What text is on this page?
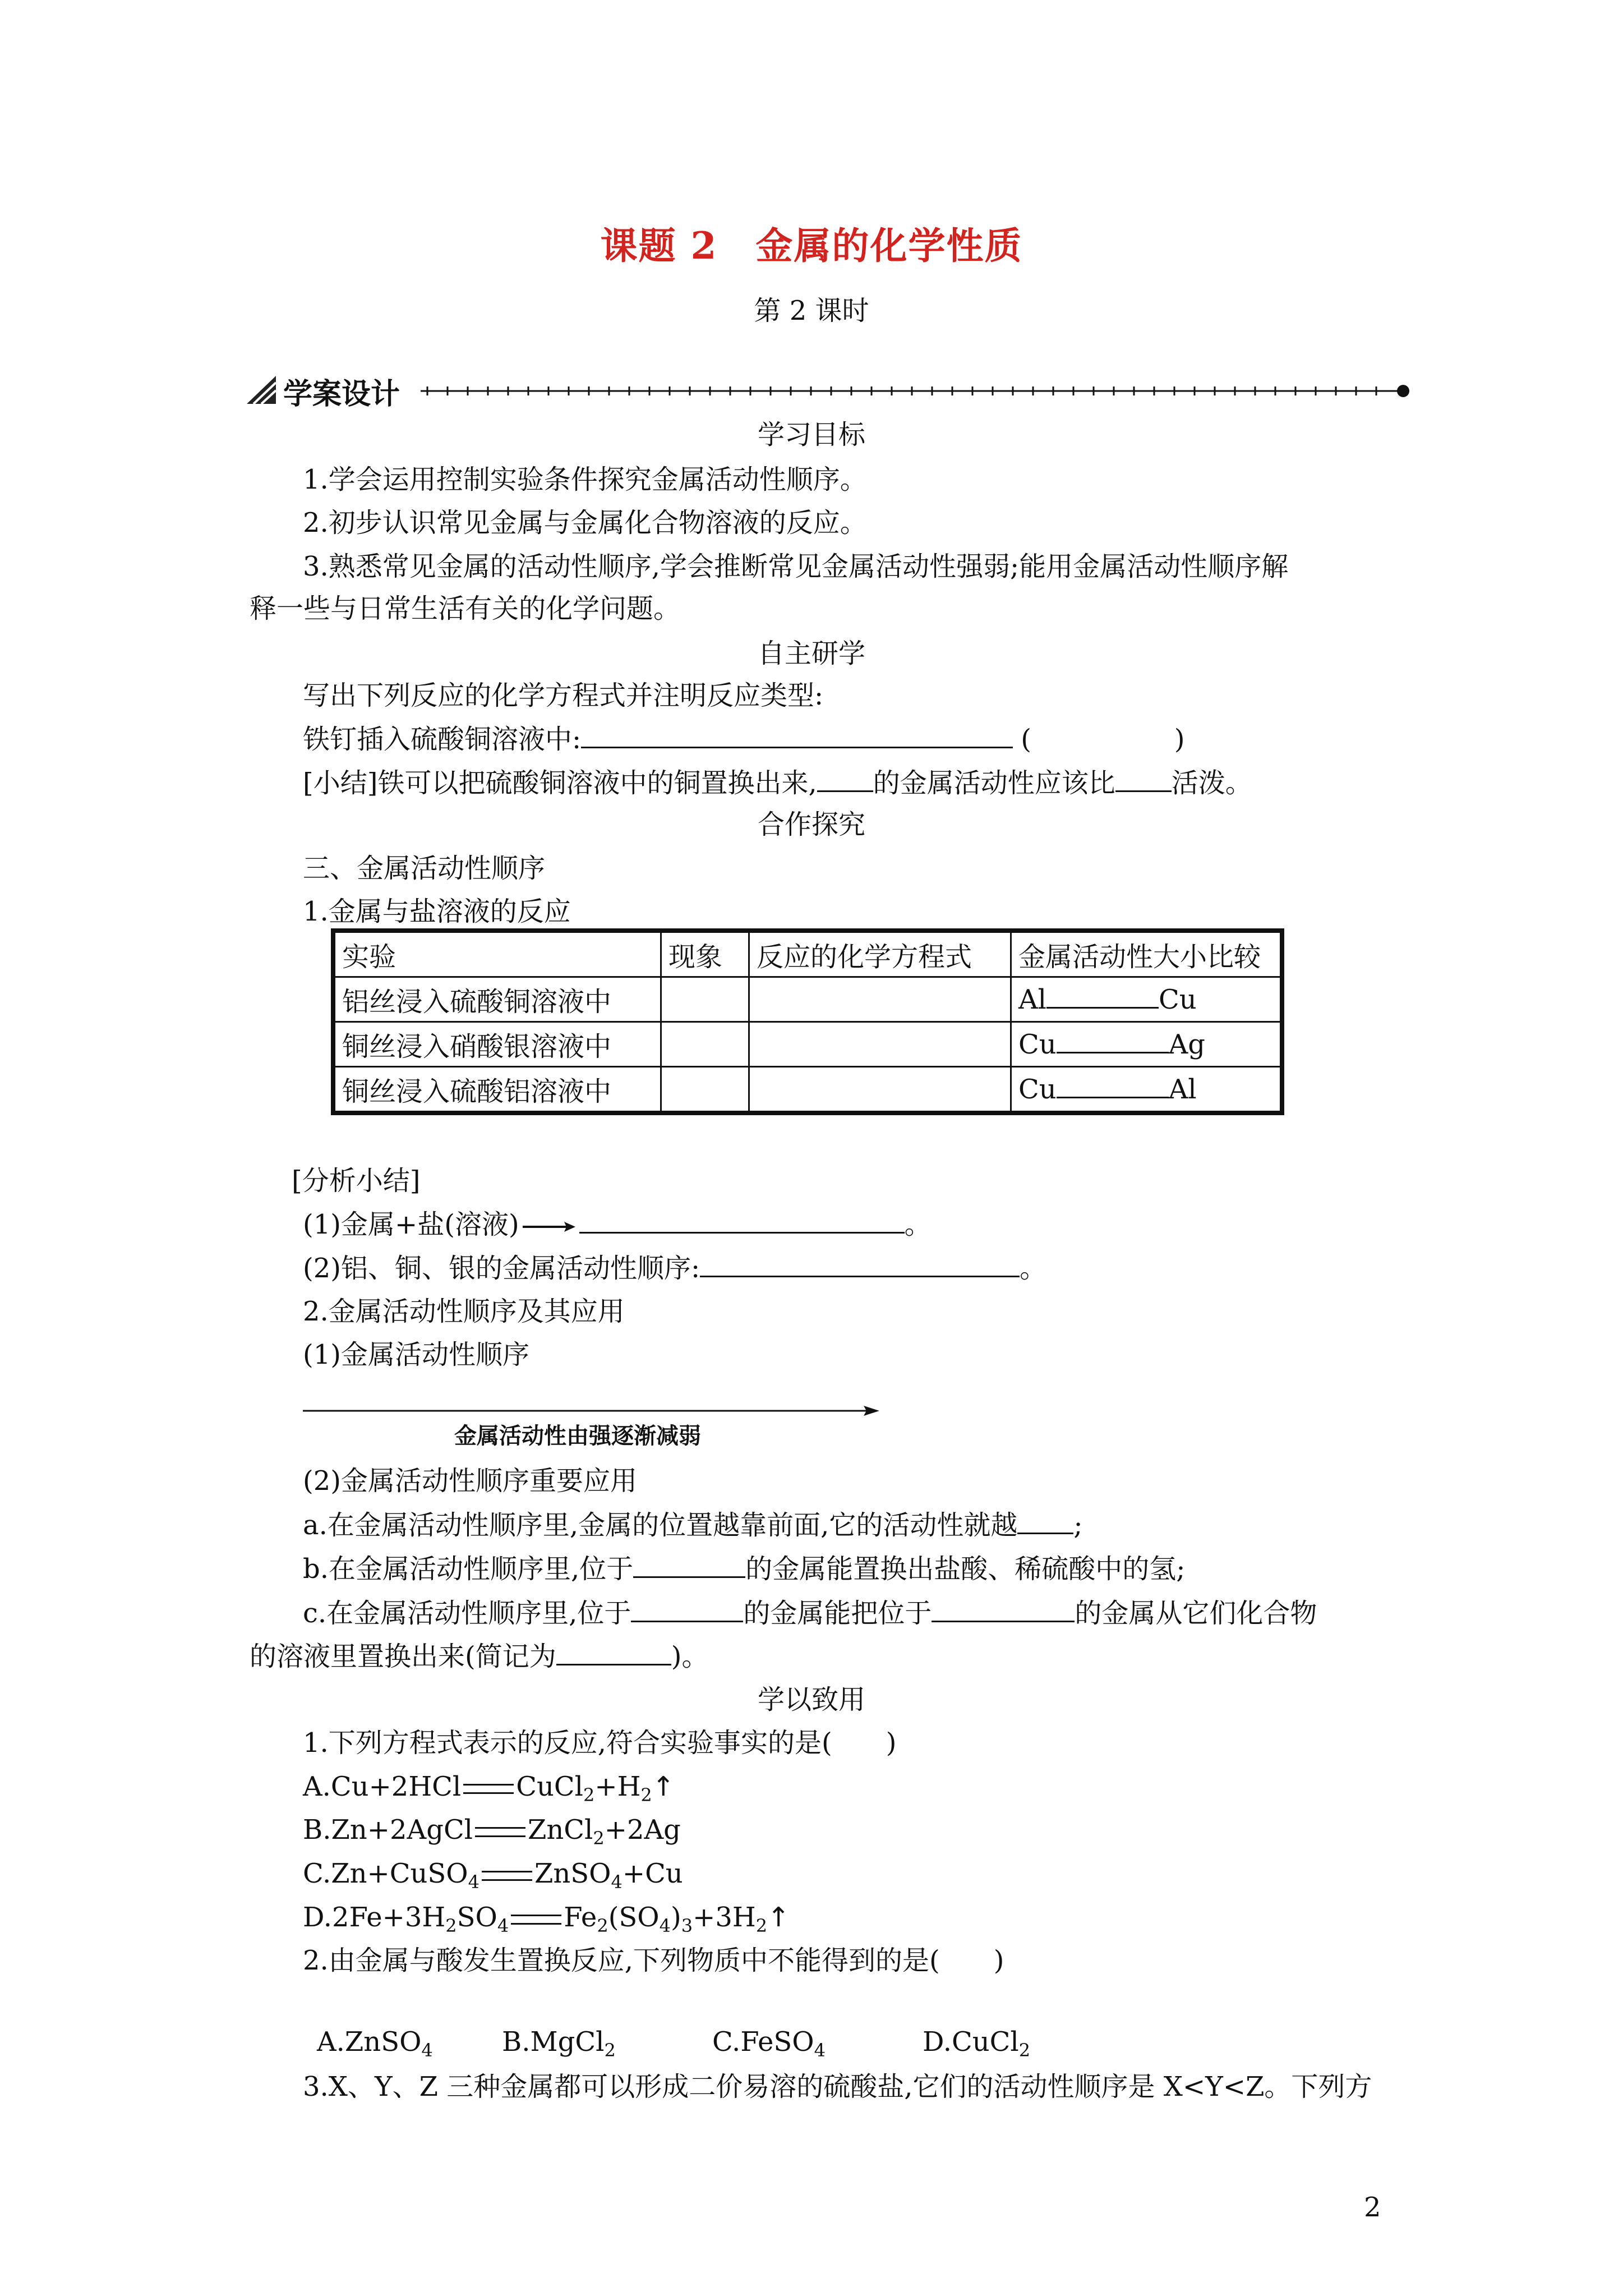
课题 2　金属的化学性质
第 2 课时
学案设计
学习目标
1.学会运用控制实验条件探究金属活动性顺序。
2.初步认识常见金属与金属化合物溶液的反应。
3.熟悉常见金属的活动性顺序,学会推断常见金属活动性强弱;能用金属活动性顺序解
释一些与日常生活有关的化学问题。
自主研学
写出下列反应的化学方程式并注明反应类型:
铁钉插入硫酸铜溶液中:	(	)
[小结]铁可以把硫酸铜溶液中的铜置换出来, 的金属活动性应该比 活泼。
合作探究
三、金属活动性顺序
1.金属与盐溶液的反应
实验	现象	反应的化学方程式	金属活动性大小比较
铝丝浸入硫酸铜溶液中			Al Cu
铜丝浸入硝酸银溶液中			Cu Ag
铜丝浸入硫酸铝溶液中			Cu Al
[分析小结]
(1)金属+盐(溶液)	。
(2)铝、铜、银的金属活动性顺序:	。
2.金属活动性顺序及其应用
(1)金属活动性顺序
金属活动性由强逐渐减弱
(2)金属活动性顺序重要应用
a.在金属活动性顺序里,金属的位置越靠前面,它的活动性就越 ;
b.在金属活动性顺序里,位于	的金属能置换出盐酸、稀硫酸中的氢;
c.在金属活动性顺序里,位于	的金属能把位于	的金属从它们化合物
的溶液里置换出来(简记为	)。
学以致用
1.下列方程式表示的反应,符合实验事实的是(　　)
A.Cu+2HCl $CuCl_2+H_2↑$
B.Zn+2AgCl ZnCl$_2$+2Ag
C.Zn+CuSO$_4$ ZnSO$_4$+Cu
$D.2Fe+3H_2SO_4$ $Fe_2(SO_4)_3+3H_2↑$
2.由金属与酸发生置换反应,下列物质中不能得到的是(　　)
A.ZnSO$_4$	B.MgCl$_2$	C.FeSO$_4$	D.CuCl$_2$
3.X、Y、Z 三种金属都可以形成二价易溶的硫酸盐,它们的活动性顺序是 X<Y<Z。下列方
2
